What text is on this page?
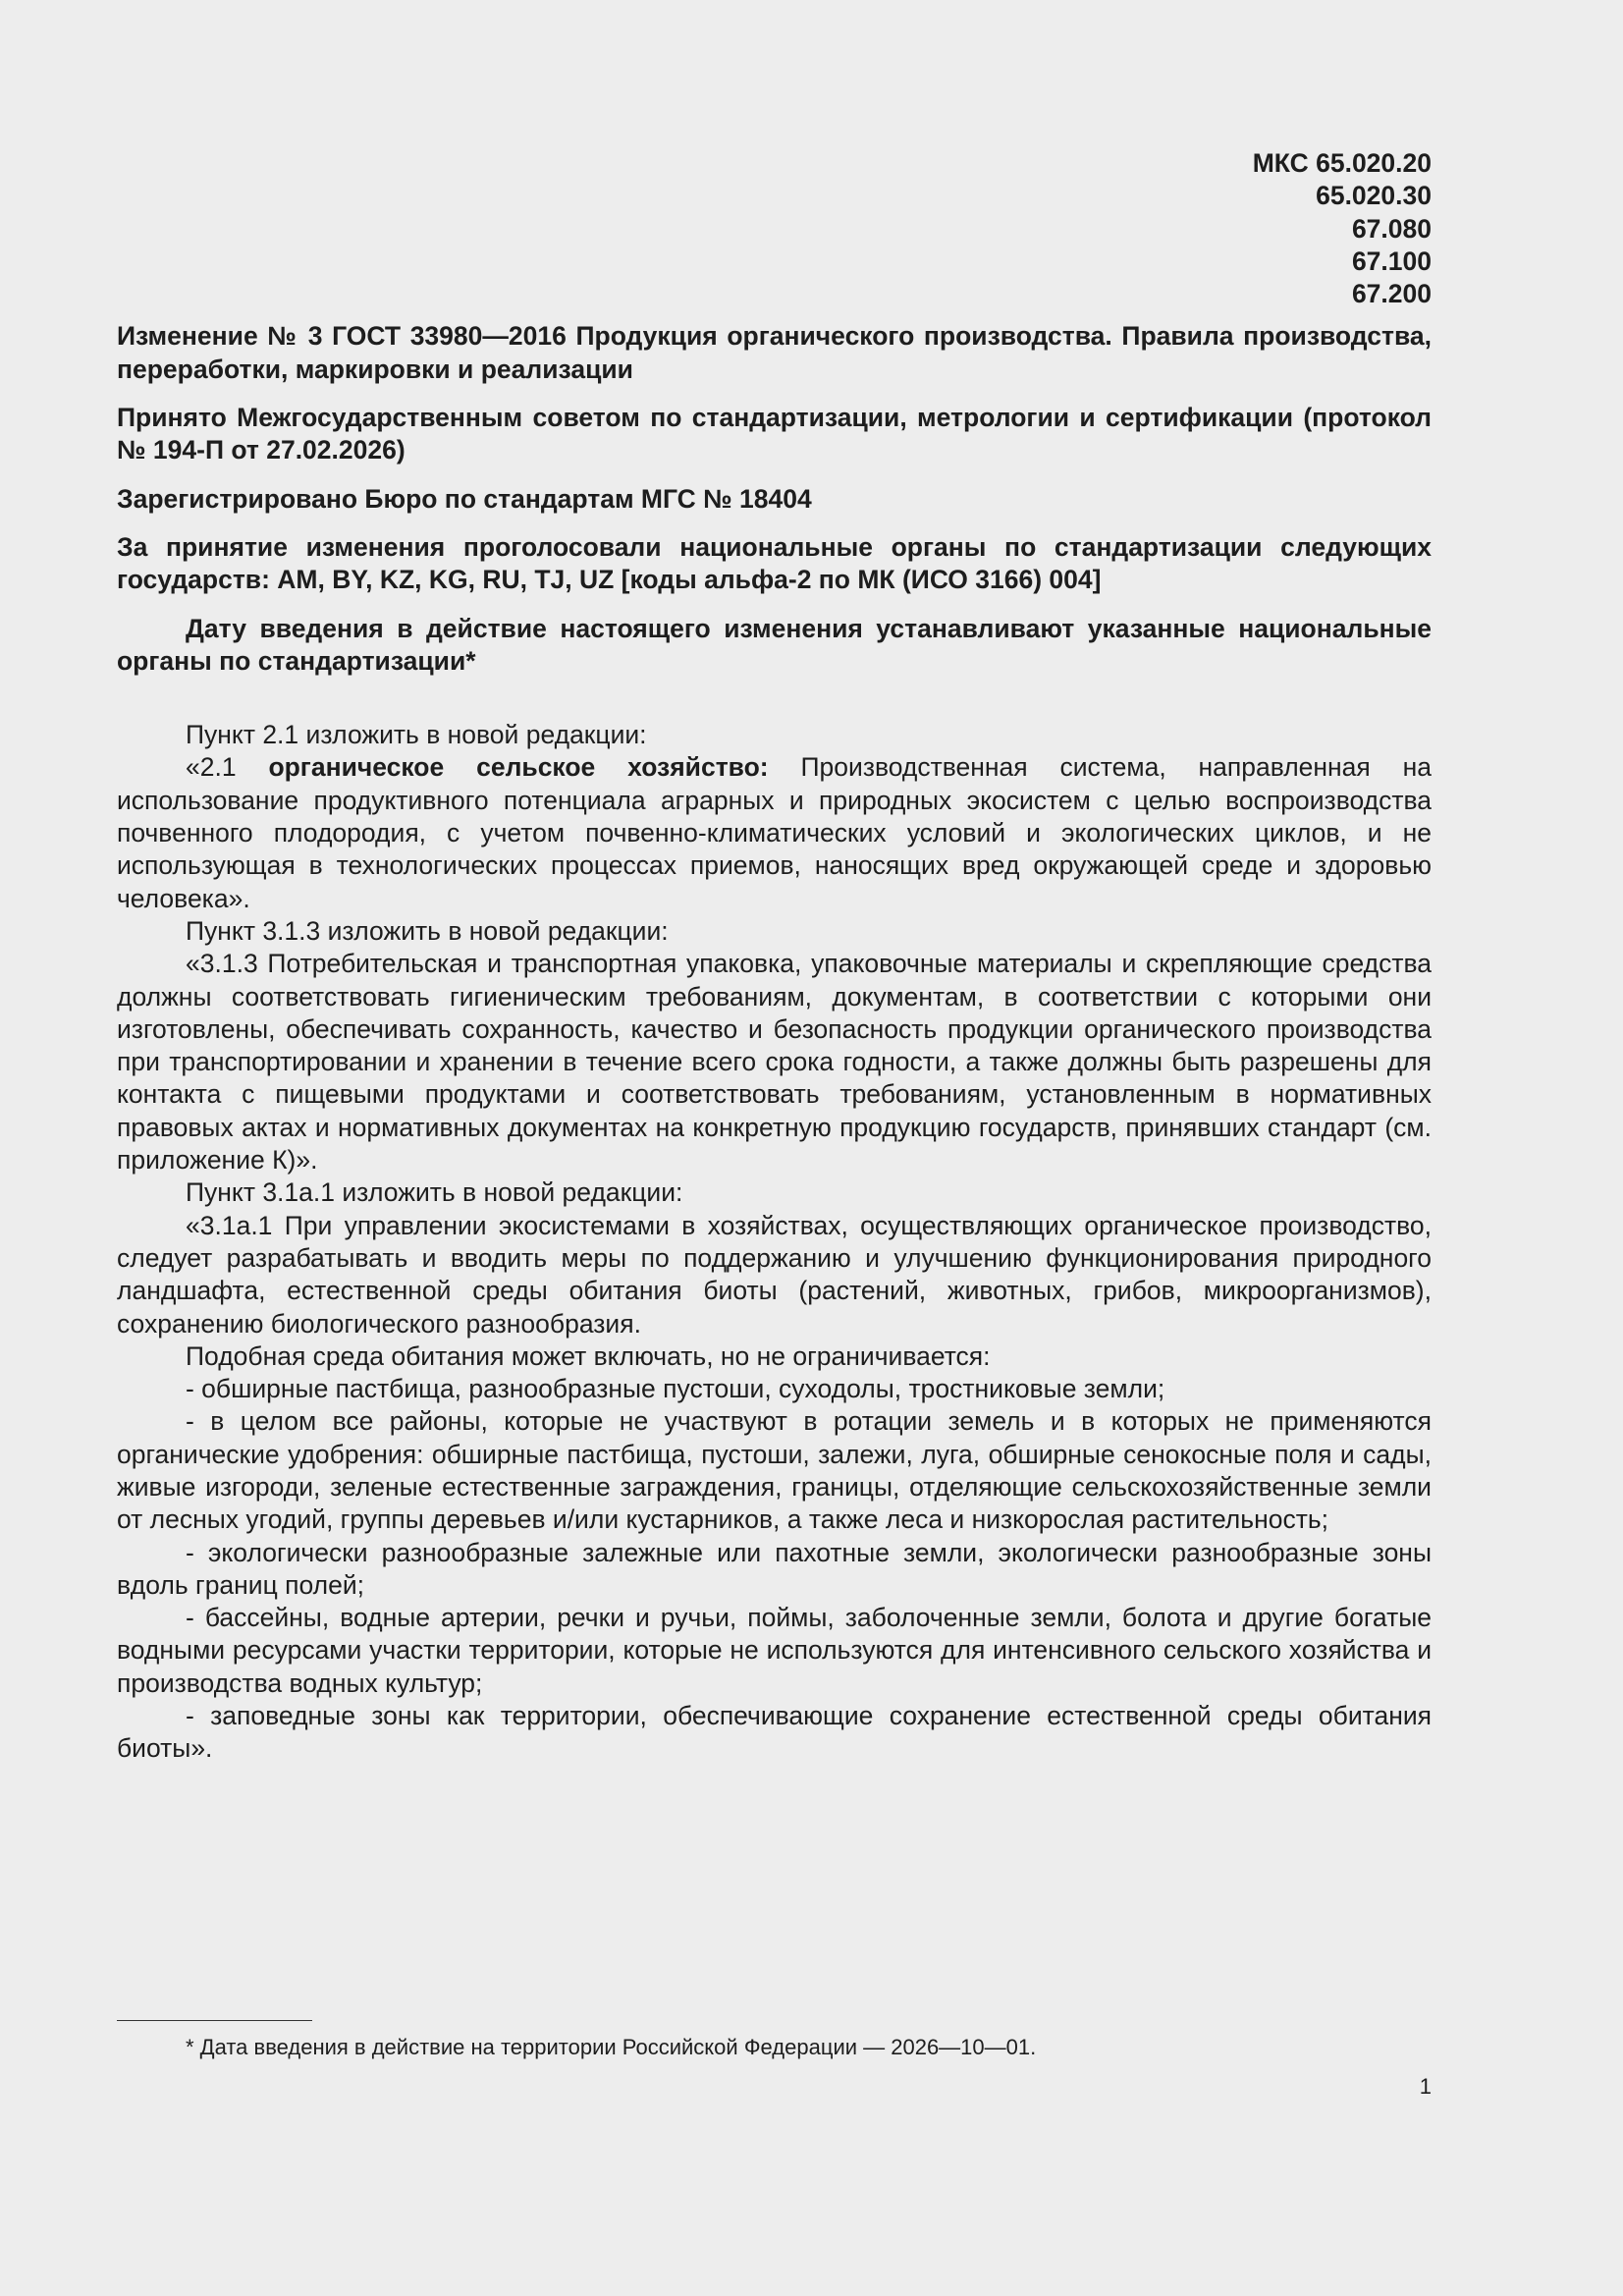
МКС 65.020.20
65.020.30
67.080
67.100
67.200
Изменение № 3 ГОСТ 33980—2016 Продукция органического производства. Правила производства, переработки, маркировки и реализации
Принято Межгосударственным советом по стандартизации, метрологии и сертификации (протокол № 194-П от 27.02.2026)
Зарегистрировано Бюро по стандартам МГС № 18404
За принятие изменения проголосовали национальные органы по стандартизации следующих государств: AM, BY, KZ, KG, RU, TJ, UZ [коды альфа-2 по МК (ИСО 3166) 004]
Дату введения в действие настоящего изменения устанавливают указанные национальные органы по стандартизации*

Пункт 2.1 изложить в новой редакции:

«2.1 органическое сельское хозяйство: Производственная система, направленная на использование продуктивного потенциала аграрных и природных экосистем с целью воспроизводства почвенного плодородия, с учетом почвенно-климатических условий и экологических циклов, и не использующая в технологических процессах приемов, наносящих вред окружающей среде и здоровью человека».

Пункт 3.1.3 изложить в новой редакции:

«3.1.3 Потребительская и транспортная упаковка, упаковочные материалы и скрепляющие средства должны соответствовать гигиеническим требованиям, документам, в соответствии с которыми они изготовлены, обеспечивать сохранность, качество и безопасность продукции органического производства при транспортировании и хранении в течение всего срока годности, а также должны быть разрешены для контакта с пищевыми продуктами и соответствовать требованиям, установленным в нормативных правовых актах и нормативных документах на конкретную продукцию государств, принявших стандарт (см. приложение К)».

Пункт 3.1а.1 изложить в новой редакции:

«3.1а.1 При управлении экосистемами в хозяйствах, осуществляющих органическое производство, следует разрабатывать и вводить меры по поддержанию и улучшению функционирования природного ландшафта, естественной среды обитания биоты (растений, животных, грибов, микроорганизмов), сохранению биологического разнообразия.

Подобная среда обитания может включать, но не ограничивается:

- обширные пастбища, разнообразные пустоши, суходолы, тростниковые земли;

- в целом все районы, которые не участвуют в ротации земель и в которых не применяются органические удобрения: обширные пастбища, пустоши, залежи, луга, обширные сенокосные поля и сады, живые изгороди, зеленые естественные заграждения, границы, отделяющие сельскохозяйственные земли от лесных угодий, группы деревьев и/или кустарников, а также леса и низкорослая растительность;

- экологически разнообразные залежные или пахотные земли, экологически разнообразные зоны вдоль границ полей;

- бассейны, водные артерии, речки и ручьи, поймы, заболоченные земли, болота и другие богатые водными ресурсами участки территории, которые не используются для интенсивного сельского хозяйства и производства водных культур;

- заповедные зоны как территории, обеспечивающие сохранение естественной среды обитания биоты».

* Дата введения в действие на территории Российской Федерации — 2026—10—01.
1
